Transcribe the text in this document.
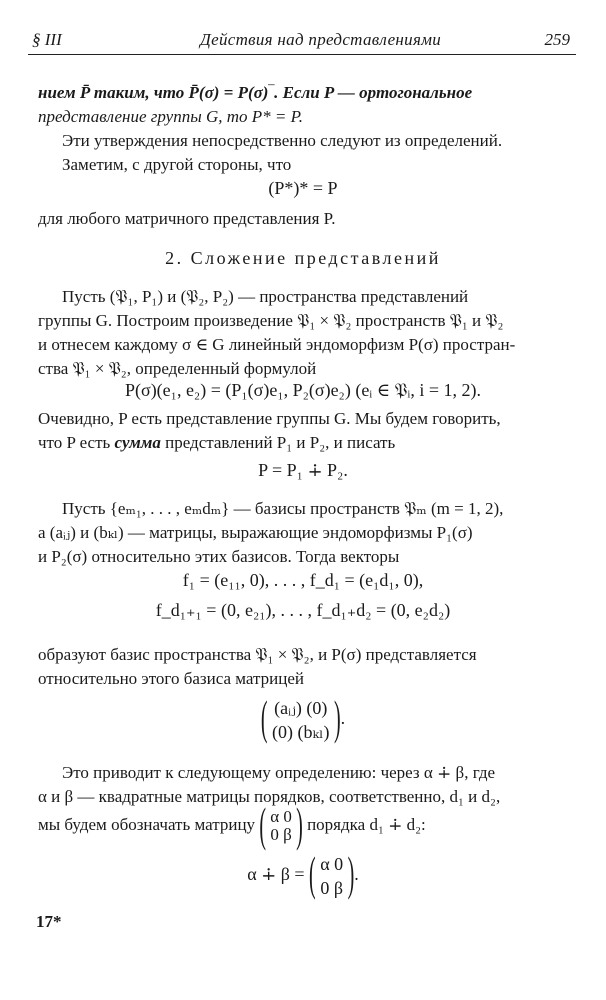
§ III	Действия над представлениями	259
нием P̄ таким, что P̄(σ) = P(σ)‾. Если P — ортогональное
представление группы G, то P* = P.
Эти утверждения непосредственно следуют из определений.
Заметим, с другой стороны, что
(P*)* = P
для любого матричного представления P.
2. Сложение представлений
Пусть (𝔓₁, P₁) и (𝔓₂, P₂) — пространства представлений
группы G. Построим произведение 𝔓₁ × 𝔓₂ пространств 𝔓₁ и 𝔓₂
и отнесем каждому σ ∈ G линейный эндоморфизм P(σ) простран-
ства 𝔓₁ × 𝔓₂, определенный формулой
P(σ)(e₁, e₂) = (P₁(σ)e₁, P₂(σ)e₂) (eᵢ ∈ 𝔓ᵢ, i = 1, 2).
Очевидно, P есть представление группы G. Мы будем говорить,
что P есть сумма представлений P₁ и P₂, и писать
P = P₁ ∔ P₂.
Пусть {eₘ₁, . . . , eₘdₘ} — базисы пространств 𝔓ₘ (m = 1, 2),
а (aᵢⱼ) и (bₖₗ) — матрицы, выражающие эндоморфизмы P₁(σ)
и P₂(σ) относительно этих базисов. Тогда векторы
f₁ = (e₁₁, 0), . . . , f_d₁ = (e₁d₁, 0),
f_d₁₊₁ = (0, e₂₁), . . . , f_d₁₊d₂ = (0, e₂d₂)
образуют базис пространства 𝔓₁ × 𝔓₂, и P(σ) представляется
относительно этого базиса матрицей
( (aᵢⱼ) (0)
(0) (bₖₗ) ).
Это приводит к следующему определению: через α ∔ β, где
α и β — квадратные матрицы порядков, соответственно, d₁ и d₂,
мы будем обозначать матрицу ( α 0
0 β ) порядка d₁ ∔ d₂:
α ∔ β = ( α 0
0 β ).
17*
